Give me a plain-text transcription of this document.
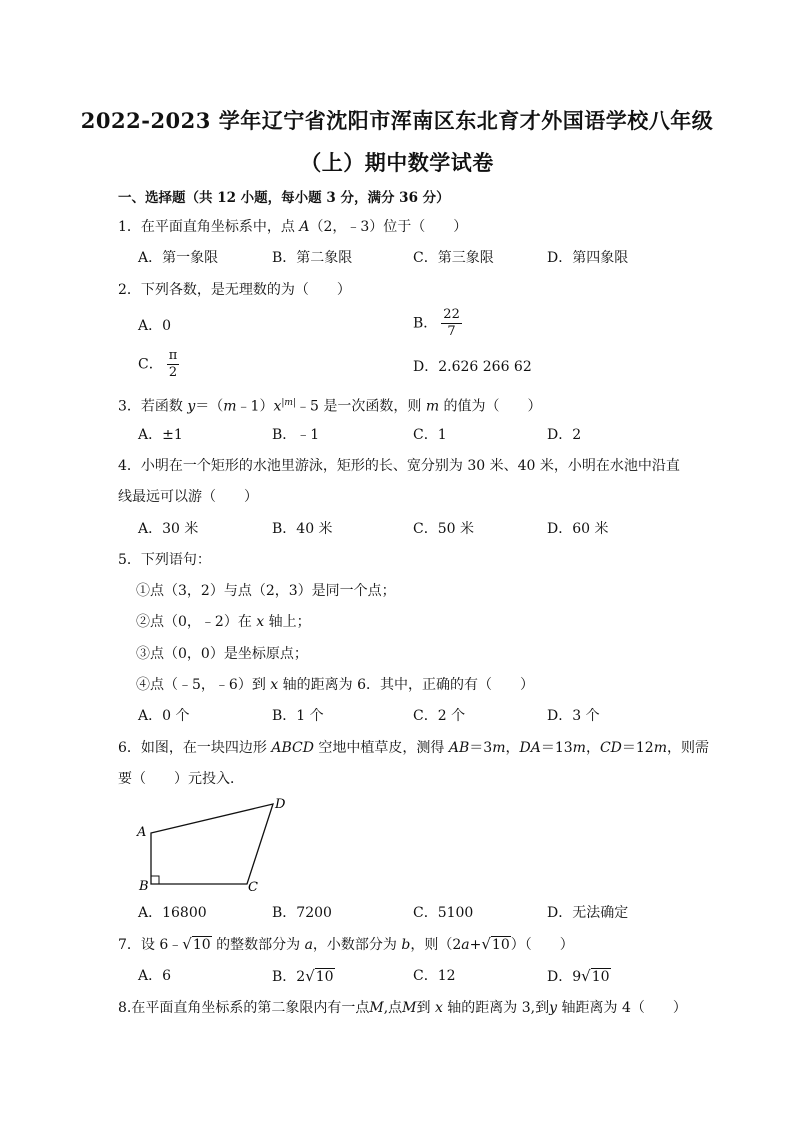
2022-2023 学年辽宁省沈阳市浑南区东北育才外国语学校八年级
（上）期中数学试卷
一、选择题（共 12 小题，每小题 3 分，满分 36 分）
1．在平面直角坐标系中，点 A（2，﹣3）位于（　　）
A．第一象限	B．第二象限	C．第三象限	D．第四象限
2．下列各数，是无理数的为（　　）
A．0	B． $\frac{22}{7}$
C． $\frac{\pi}{2}$	D．2.626 266 62
3．若函数 $y=(m﹣1)x^{|m|}﹣5$ 是一次函数，则 m 的值为（　　）
A．±1	B．﹣1	C．1	D．2
4．小明在一个矩形的水池里游泳，矩形的长、宽分别为 30 米、40 米，小明在水池中沿直
线最远可以游（　　）
A．30 米	B．40 米	C．50 米	D．60 米
5．下列语句：
①点（3，2）与点（2，3）是同一个点；
②点（0，﹣2）在 x 轴上；
③点（0，0）是坐标原点；
④点（﹣5，﹣6）到 x 轴的距离为 6．其中，正确的有（　　）
A．0 个	B．1 个	C．2 个	D．3 个
6．如图，在一块四边形 ABCD 空地中植草皮，测得 AB＝3m，DA＝13m，CD＝12m，则需
要（　　）元投入．
A
B	C
D
A．16800	B．7200	C．5100	D．无法确定
7．设 6﹣√10 的整数部分为 a，小数部分为 b，则（2a+√10）（　　）
A．6	B．2√10	C．12	D．9√10
8.在平面直角坐标系的第二象限内有一点M,点M到 x 轴的距离为 3,到y 轴距离为 4（　　）
